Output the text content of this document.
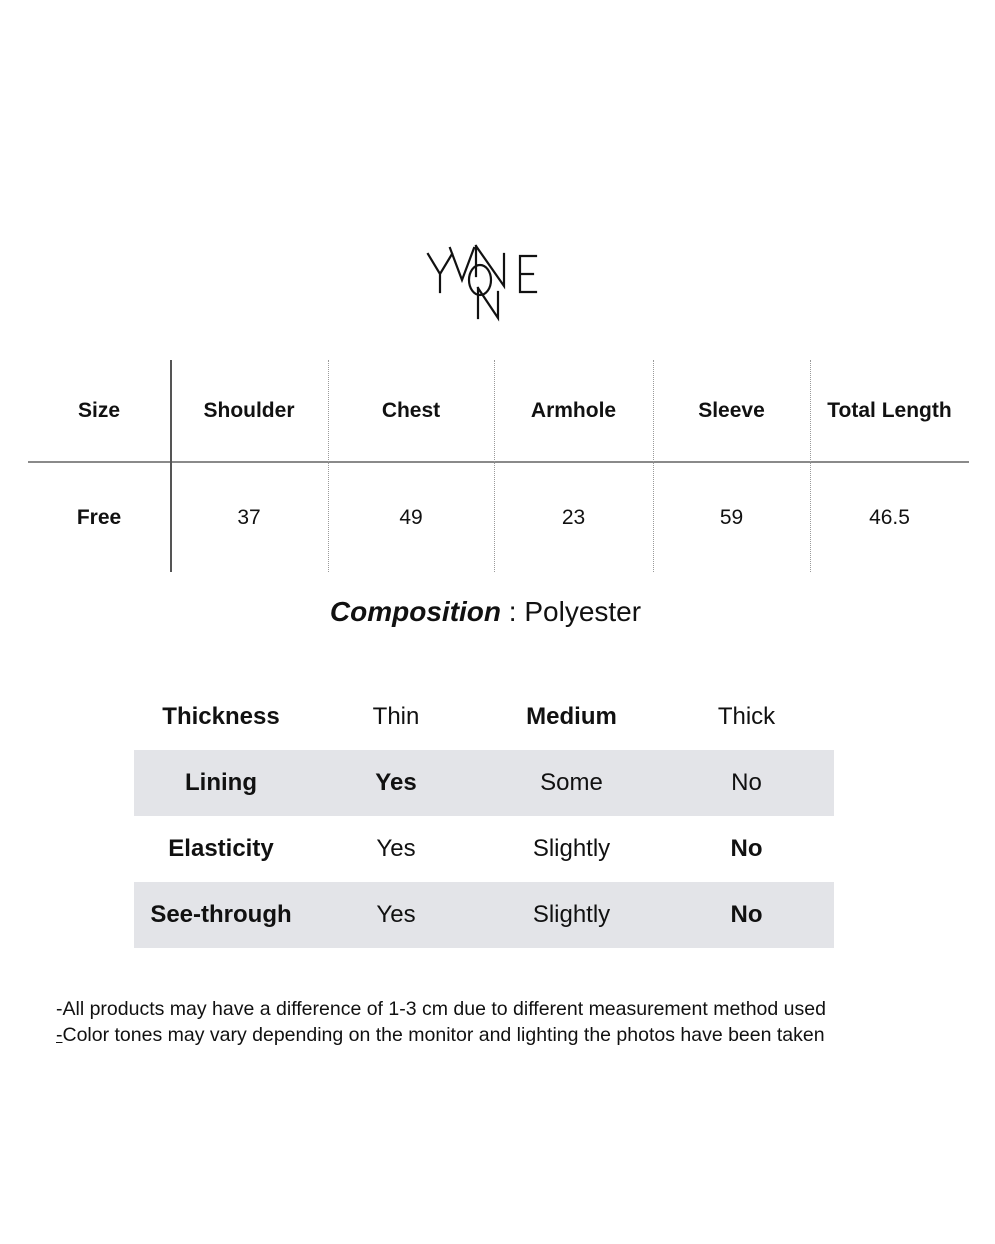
Size	Shoulder	Chest	Armhole	Sleeve	Total Length
Free	37	49	23	59	46.5
Composition : Polyester
Thickness	Thin	Medium	Thick
Lining	Yes	Some	No
Elasticity	Yes	Slightly	No
See-through	Yes	Slightly	No
-All products may have a difference of 1-3 cm due to different measurement method used
-Color tones may vary depending on the monitor and lighting the photos have been taken
